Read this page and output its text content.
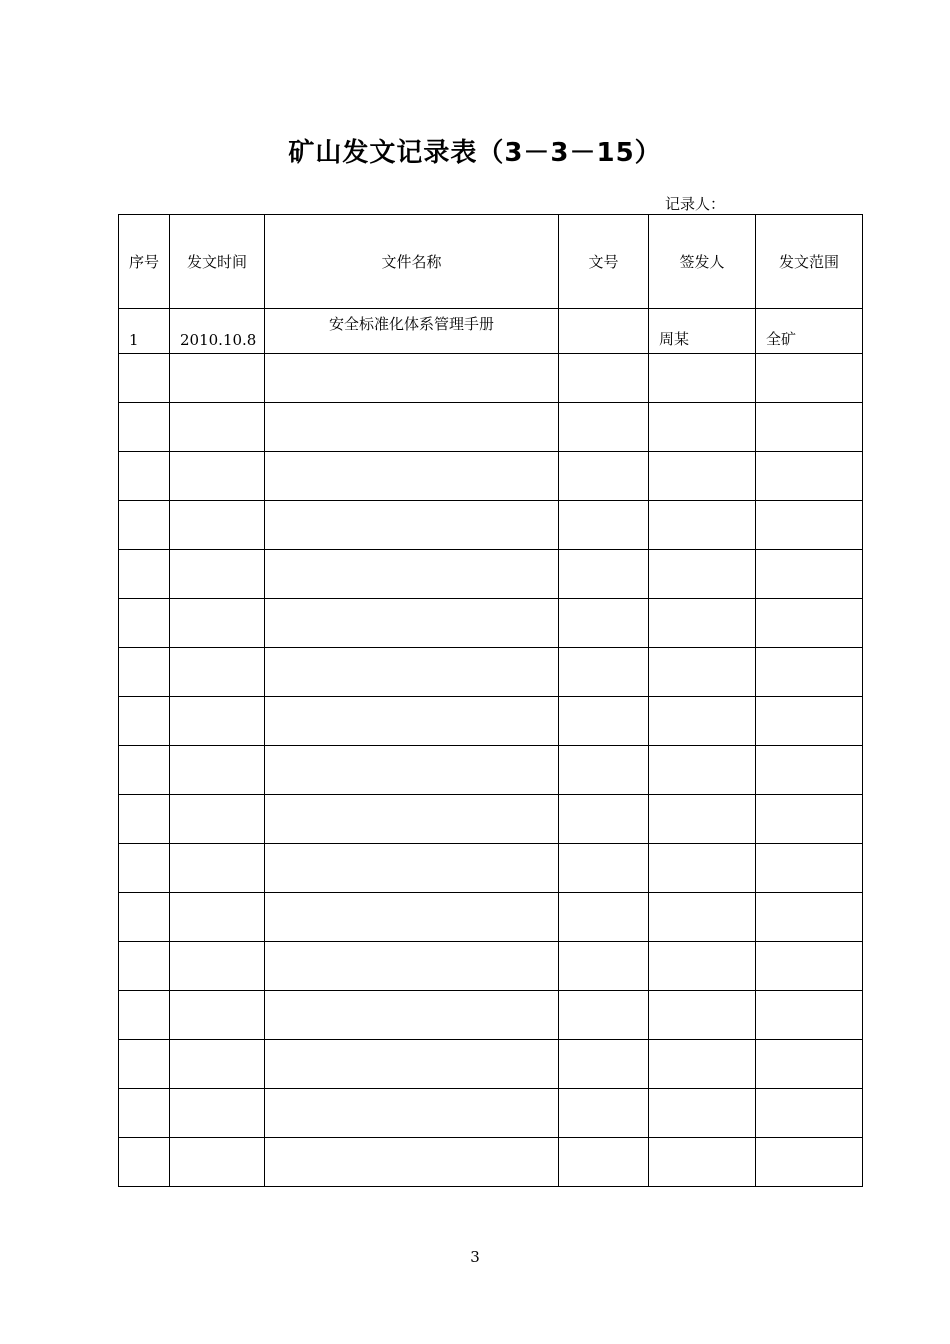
矿山发文记录表（3－3－15）
记录人：
序号	发文时间	文件名称	文号	签发人	发文范围

1	2010.10.8	安全标准化体系管理手册		周某	全矿

3
